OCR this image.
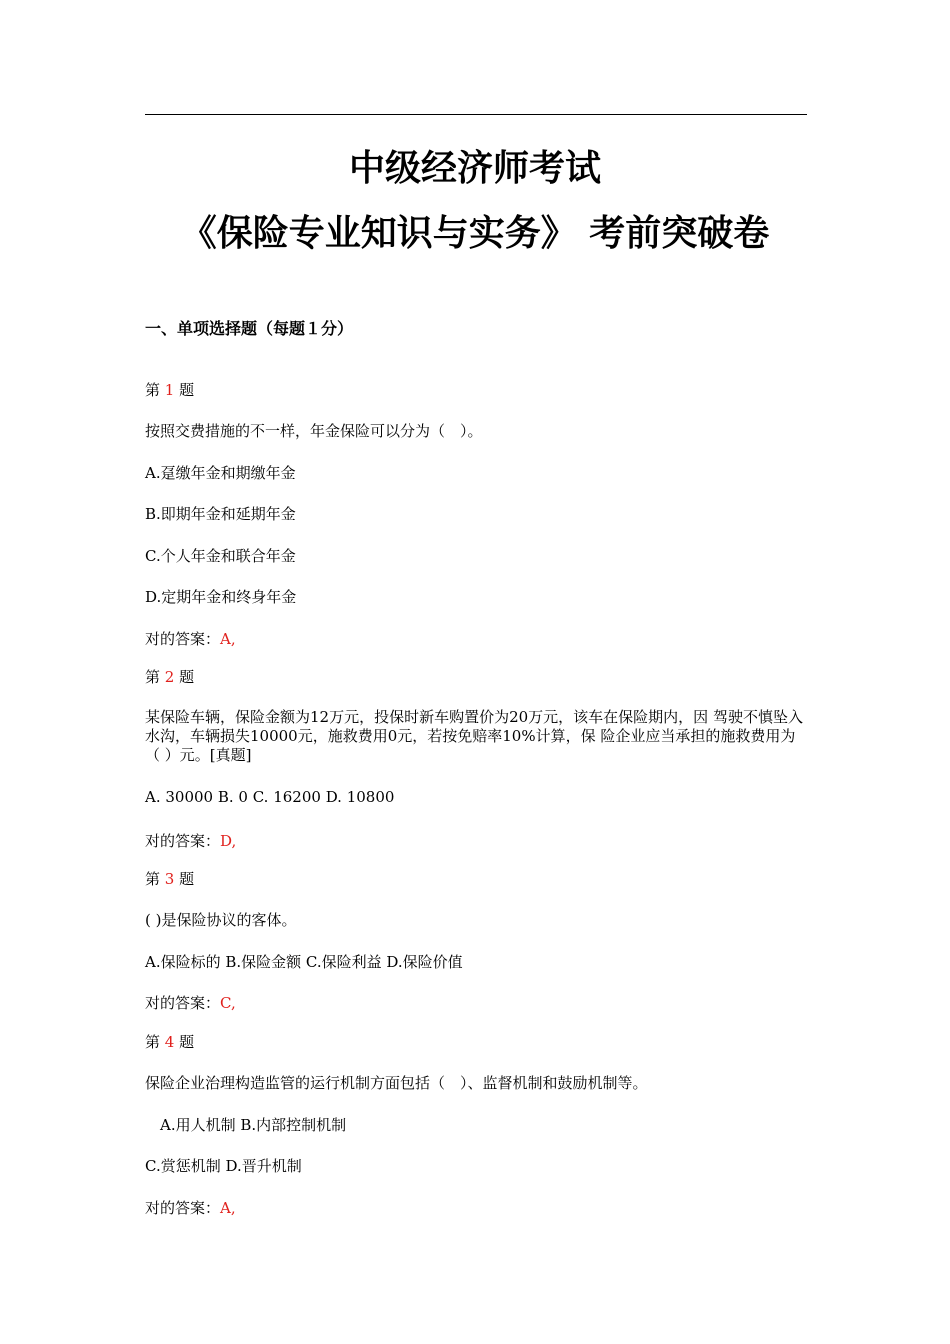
中级经济师考试
《保险专业知识与实务》 考前突破卷
一、单项选择题（每题１分）
第 1 题
按照交费措施的不一样，年金保险可以分为（　）。
A.趸缴年金和期缴年金
B.即期年金和延期年金
C.个人年金和联合年金
D.定期年金和终身年金
对的答案：A,
第 2 题
某保险车辆，保险金额为12万元，投保时新车购置价为20万元，该车在保险期内，因 驾驶不慎坠入水沟，车辆损失10000元，施救费用0元，若按免赔率10%计算，保 险企业应当承担的施救费用为（ ）元。[真题]
A. 30000 B. 0 C. 16200 D. 10800
对的答案：D,
第 3 题
( )是保险协议的客体。
A.保险标的 B.保险金额 C.保险利益 D.保险价值
对的答案：C,
第 4 题
保险企业治理构造监管的运行机制方面包括（　）、监督机制和鼓励机制等。
A.用人机制 B.内部控制机制
C.赏惩机制 D.晋升机制
对的答案：A,
